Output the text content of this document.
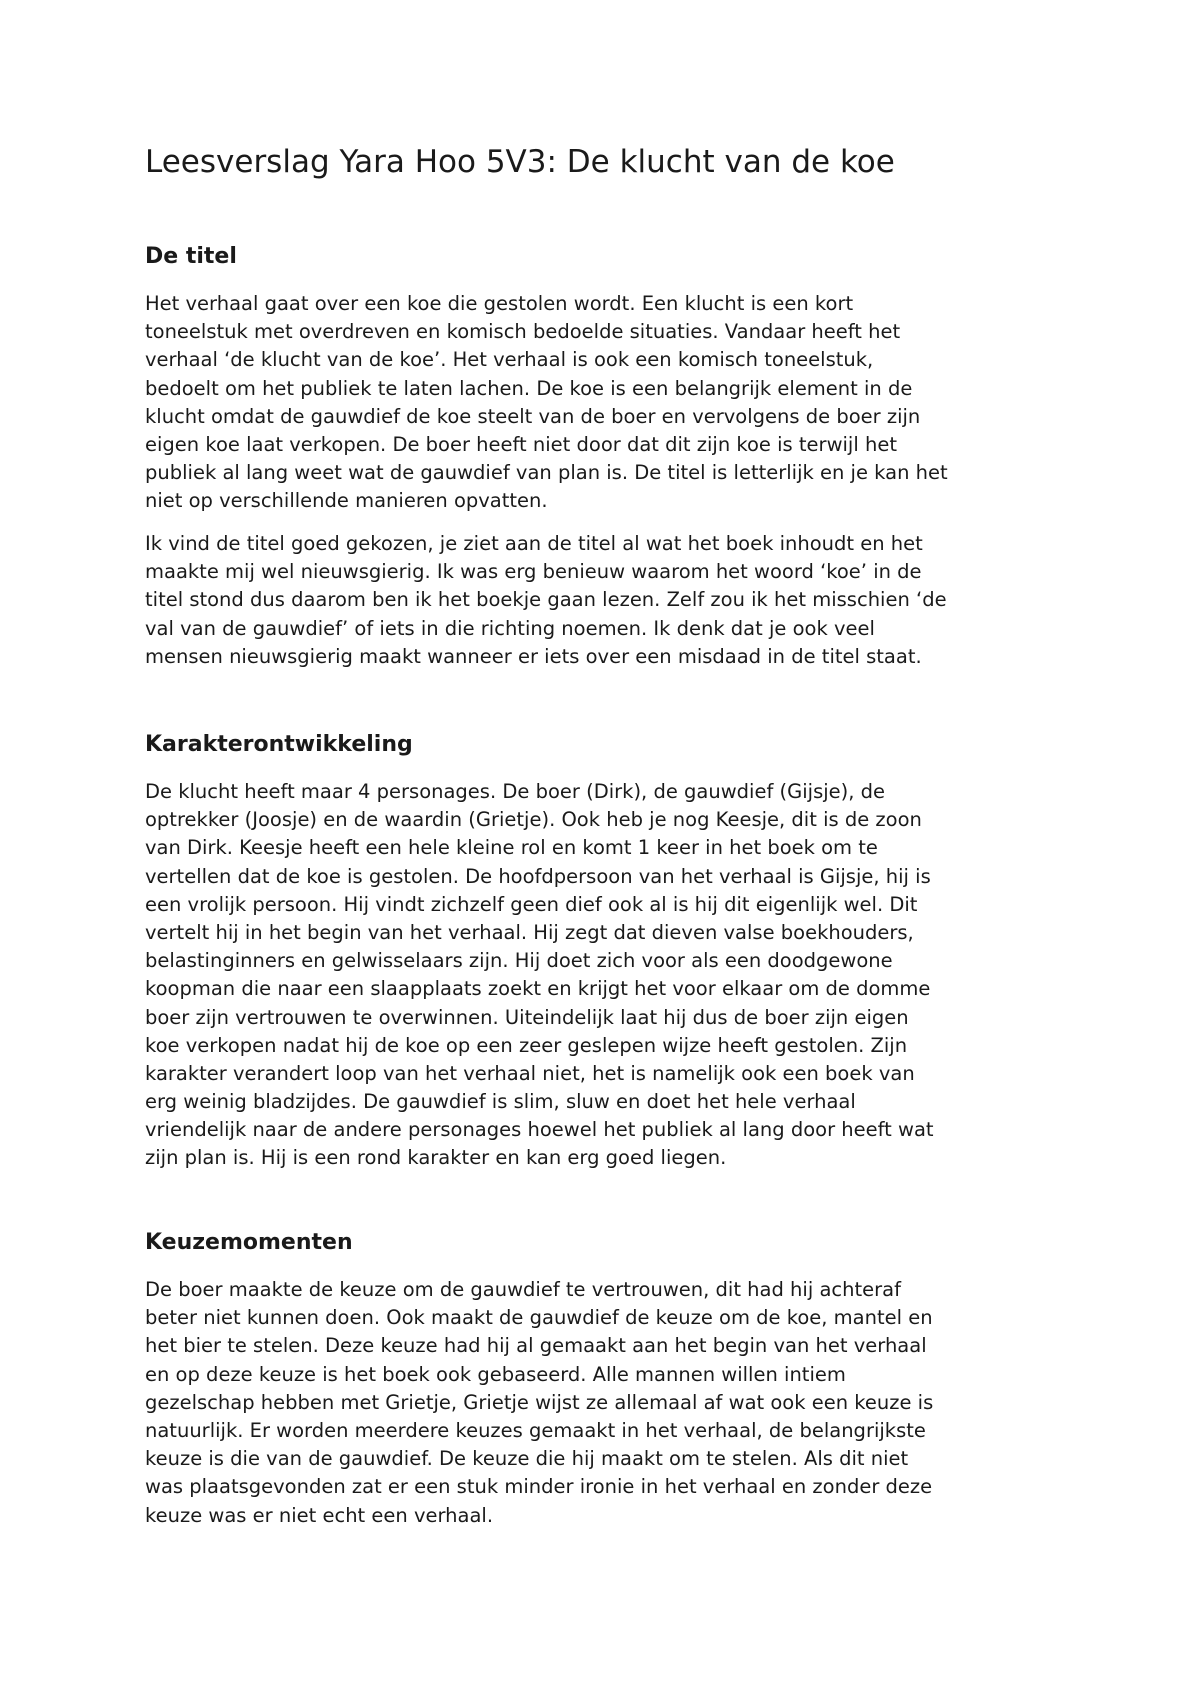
Leesverslag Yara Hoo 5V3: De klucht van de koe
De titel

Het verhaal gaat over een koe die gestolen wordt. Een klucht is een kort
toneelstuk met overdreven en komisch bedoelde situaties. Vandaar heeft het
verhaal ‘de klucht van de koe’. Het verhaal is ook een komisch toneelstuk,
bedoelt om het publiek te laten lachen. De koe is een belangrijk element in de
klucht omdat de gauwdief de koe steelt van de boer en vervolgens de boer zijn
eigen koe laat verkopen. De boer heeft niet door dat dit zijn koe is terwijl het
publiek al lang weet wat de gauwdief van plan is. De titel is letterlijk en je kan het
niet op verschillende manieren opvatten.

Ik vind de titel goed gekozen, je ziet aan de titel al wat het boek inhoudt en het
maakte mij wel nieuwsgierig. Ik was erg benieuw waarom het woord ‘koe’ in de
titel stond dus daarom ben ik het boekje gaan lezen. Zelf zou ik het misschien ‘de
val van de gauwdief’ of iets in die richting noemen. Ik denk dat je ook veel
mensen nieuwsgierig maakt wanneer er iets over een misdaad in de titel staat.

Karakterontwikkeling

De klucht heeft maar 4 personages. De boer (Dirk), de gauwdief (Gijsje), de
optrekker (Joosje) en de waardin (Grietje). Ook heb je nog Keesje, dit is de zoon
van Dirk. Keesje heeft een hele kleine rol en komt 1 keer in het boek om te
vertellen dat de koe is gestolen. De hoofdpersoon van het verhaal is Gijsje, hij is
een vrolijk persoon. Hij vindt zichzelf geen dief ook al is hij dit eigenlijk wel. Dit
vertelt hij in het begin van het verhaal. Hij zegt dat dieven valse boekhouders,
belastinginners en gelwisselaars zijn. Hij doet zich voor als een doodgewone
koopman die naar een slaapplaats zoekt en krijgt het voor elkaar om de domme
boer zijn vertrouwen te overwinnen. Uiteindelijk laat hij dus de boer zijn eigen
koe verkopen nadat hij de koe op een zeer geslepen wijze heeft gestolen. Zijn
karakter verandert loop van het verhaal niet, het is namelijk ook een boek van
erg weinig bladzijdes. De gauwdief is slim, sluw en doet het hele verhaal
vriendelijk naar de andere personages hoewel het publiek al lang door heeft wat
zijn plan is. Hij is een rond karakter en kan erg goed liegen.

Keuzemomenten

De boer maakte de keuze om de gauwdief te vertrouwen, dit had hij achteraf
beter niet kunnen doen. Ook maakt de gauwdief de keuze om de koe, mantel en
het bier te stelen. Deze keuze had hij al gemaakt aan het begin van het verhaal
en op deze keuze is het boek ook gebaseerd. Alle mannen willen intiem
gezelschap hebben met Grietje, Grietje wijst ze allemaal af wat ook een keuze is
natuurlijk. Er worden meerdere keuzes gemaakt in het verhaal, de belangrijkste
keuze is die van de gauwdief. De keuze die hij maakt om te stelen. Als dit niet
was plaatsgevonden zat er een stuk minder ironie in het verhaal en zonder deze
keuze was er niet echt een verhaal.
